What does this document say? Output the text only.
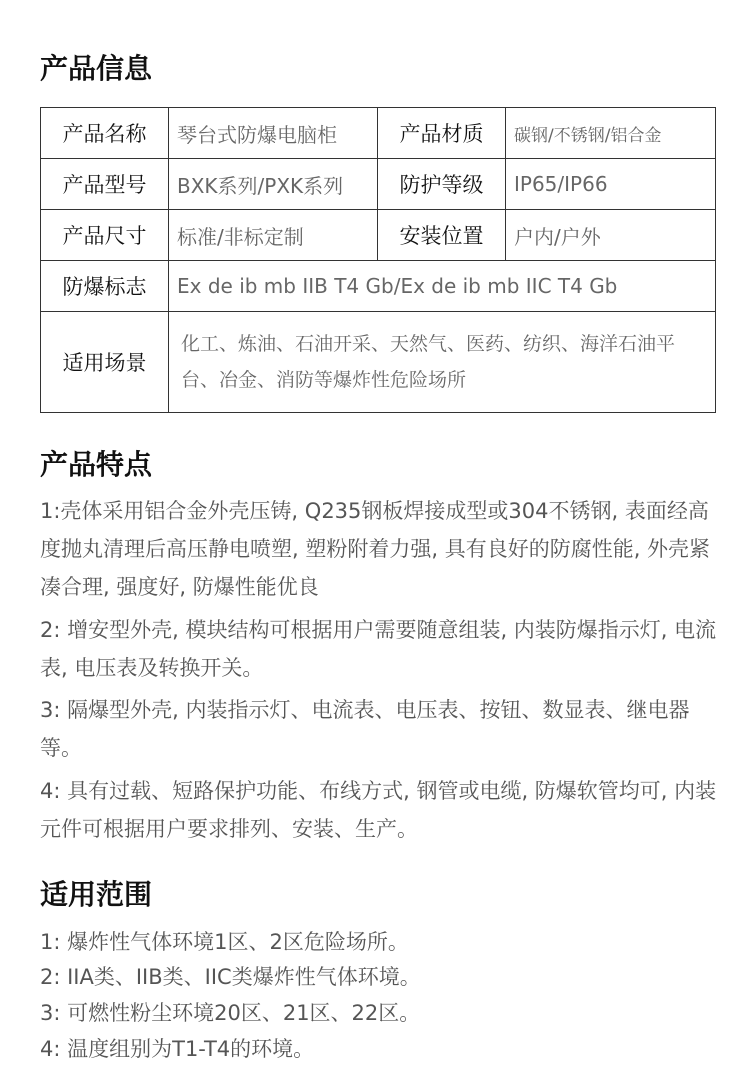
产品信息
产品名称	琴台式防爆电脑柜	产品材质	碳钢/不锈钢/铝合金
产品型号	BXK系列/PXK系列	防护等级	IP65/IP66
产品尺寸	标准/非标定制	安装位置	户内/户外
防爆标志	Ex de ib mb IIB T4 Gb/Ex de ib mb IIC T4 Gb		
适用场景	化工、炼油、石油开采、天然气、医药、纺织、海洋石油平台、冶金、消防等爆炸性危险场所		
产品特点

1:壳体采用铝合金外壳压铸, Q235钢板焊接成型或304不锈钢, 表面经高度抛丸清理后高压静电喷塑, 塑粉附着力强, 具有良好的防腐性能, 外壳紧凑合理, 强度好, 防爆性能优良

2: 增安型外壳, 模块结构可根据用户需要随意组装, 内装防爆指示灯, 电流表, 电压表及转换开关。

3: 隔爆型外壳, 内装指示灯、电流表、电压表、按钮、数显表、继电器等。

4: 具有过载、短路保护功能、布线方式, 钢管或电缆, 防爆软管均可, 内装元件可根据用户要求排列、安装、生产。

适用范围

1: 爆炸性气体环境1区、2区危险场所。

2: IIA类、IIB类、IIC类爆炸性气体环境。

3: 可燃性粉尘环境20区、21区、22区。

4: 温度组别为T1-T4的环境。
